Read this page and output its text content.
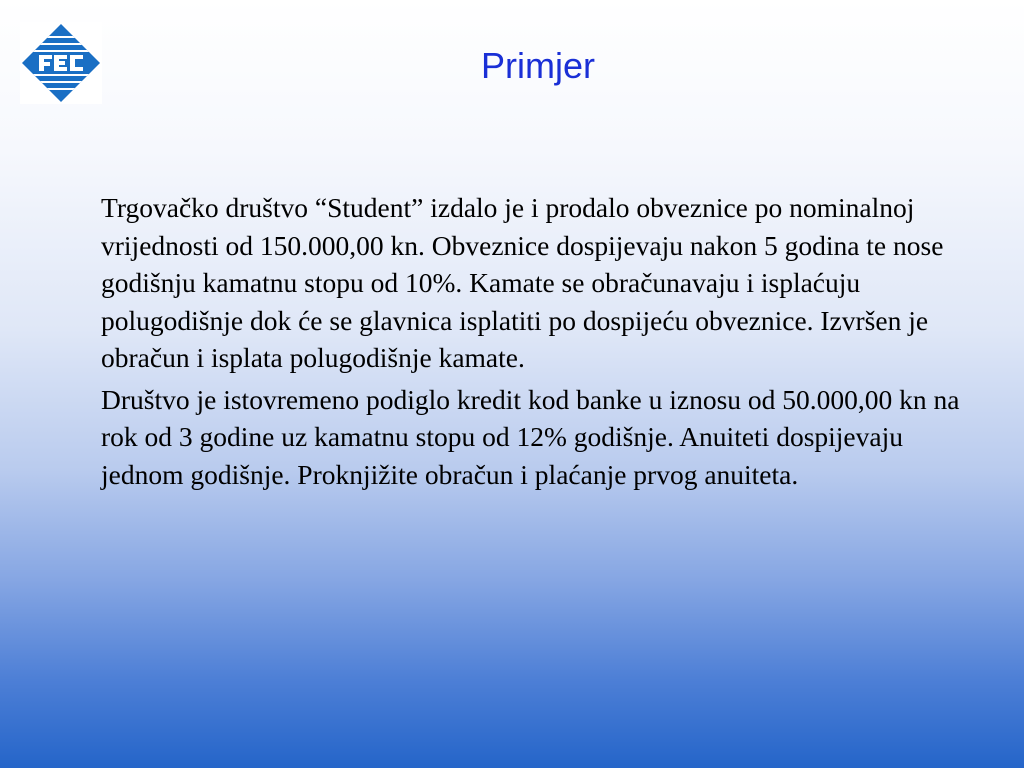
Primjer

Trgovačko društvo “Student” izdalo je i prodalo obveznice po nominalnoj vrijednosti od 150.000,00 kn. Obveznice dospijevaju nakon 5 godina te nose godišnju kamatnu stopu od 10%. Kamate se obračunavaju i isplaćuju polugodišnje dok će se glavnica isplatiti po dospijeću obveznice. Izvršen je obračun i isplata polugodišnje kamate.

Društvo je istovremeno podiglo kredit kod banke u iznosu od 50.000,00 kn na rok od 3 godine uz kamatnu stopu od 12% godišnje. Anuiteti dospijevaju jednom godišnje. Proknjižite obračun i plaćanje prvog anuiteta.
